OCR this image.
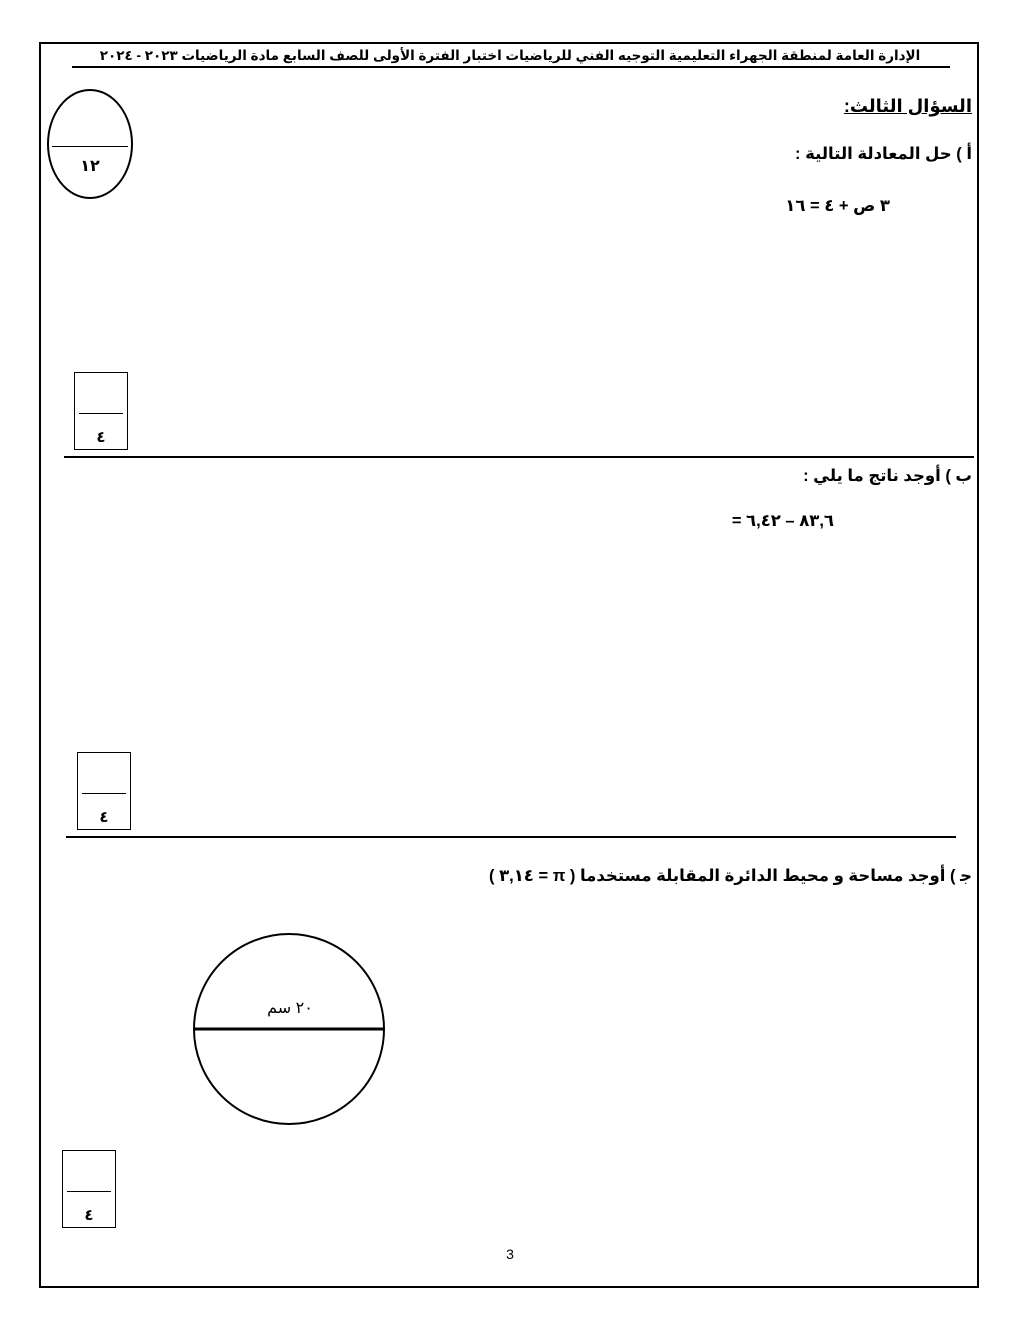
الإدارة العامة لمنطقة الجهراء التعليمية التوجيه الفني للرياضيات اختبار الفترة الأولى للصف السابع مادة الرياضيات ٢٠٢٣ - ٢٠٢٤
السؤال الثالث:
١٢
أ ) حل المعادلة التالية :
٣ ص + ٤ = ١٦
٤
ب ) أوجد ناتج ما يلي :
٨٣,٦ – ٦,٤٢ =
٤
ﺟ ) أوجد مساحة و محيط الدائرة المقابلة مستخدما ( π = ٣,١٤ )
٢٠ سم
٤
3
